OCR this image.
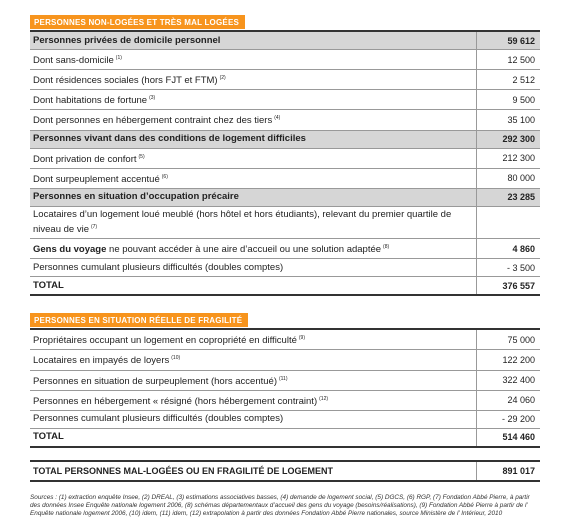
PERSONNES NON-LOGÉES ET TRÈS MAL LOGÉES
Personnes privées de domicile personnel	59 612
Dont sans-domicile $^{(1)}$	12 500
Dont résidences sociales (hors FJT et FTM) $^{(2)}$	2 512
Dont habitations de fortune $^{(3)}$	9 500
Dont personnes en hébergement contraint chez des tiers $^{(4)}$	35 100
Personnes vivant dans des conditions de logement difficiles	292 300
Dont privation de confort $^{(5)}$	212 300
Dont surpeuplement accentué $^{(6)}$	80 000
Personnes en situation d’occupation précaire	23 285
Locataires d’un logement loué meublé (hors hôtel et hors étudiants), relevant du premier quartile de niveau de vie $^{(7)}$
Gens du voyage ne pouvant accéder à une aire d’accueil ou une solution adaptée $^{(8)}$	4 860
Personnes cumulant plusieurs difficultés (doubles comptes)	- 3 500
TOTAL	376 557
PERSONNES EN SITUATION RÉELLE DE FRAGILITÉ
Propriétaires occupant un logement en copropriété en difficulté $^{(9)}$	75 000
Locataires en impayés de loyers $^{(10)}$	122 200
Personnes en situation de surpeuplement (hors accentué) $^{(11)}$	322 400
Personnes en hébergement « résigné (hors hébergement contraint) $^{(12)}$	24 060
Personnes cumulant plusieurs difficultés (doubles comptes)	- 29 200
TOTAL	514 460
TOTAL PERSONNES MAL-LOGÉES OU EN FRAGILITÉ DE LOGEMENT	891 017
Sources : (1) extraction enquête Insee, (2) DREAL, (3) estimations associatives basses, (4) demande de logement social, (5) DGCS, (6) RGP, (7) Fondation Abbé Pierre, à partir des données Insee Enquête nationale logement 2006, (8) schémas départementaux d’accueil des gens du voyage (besoins/réalisations), (9) Fondation Abbé Pierre à partir de l’ Enquête nationale logement 2006, (10) idem, (11) idem, (12) extrapolation à partir des données Fondation Abbé Pierre nationales, source Ministère de l’ Intérieur, 2010
